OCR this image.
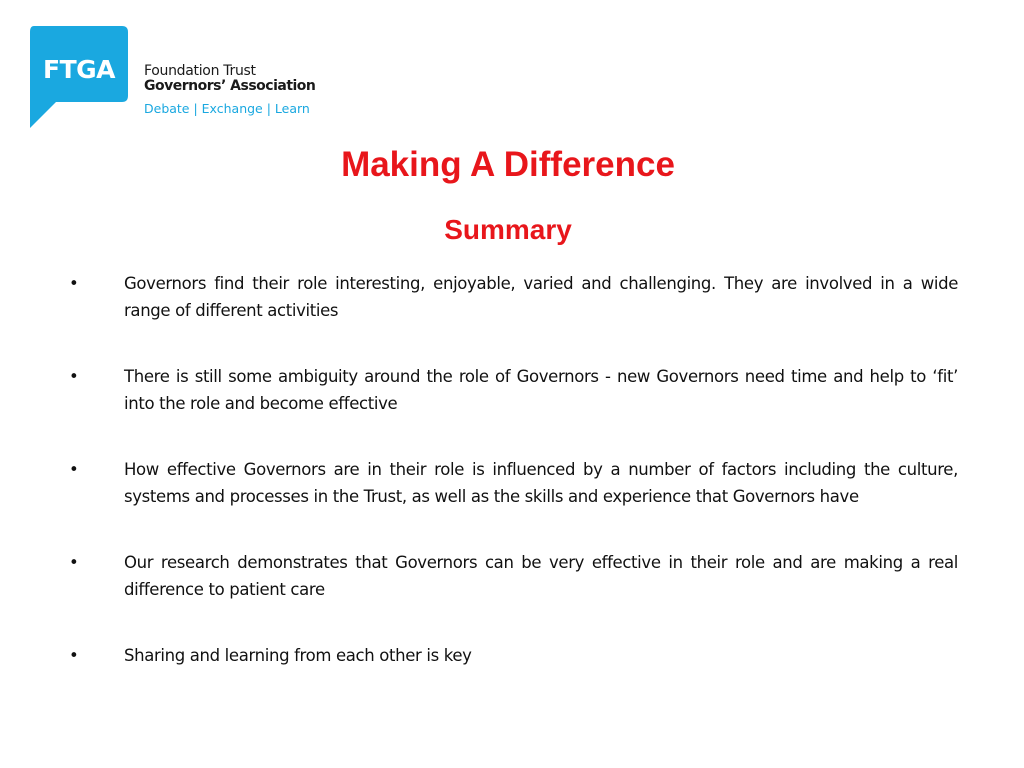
FTGA Foundation Trust
Governors’ Association
Debate | Exchange | Learn
Making A Difference
Summary
•	Governors find their role interesting, enjoyable, varied and challenging. They are involved in a wide range of different activities
•	There is still some ambiguity around the role of Governors - new Governors need time and help to ‘fit’ into the role and become effective
•	How effective Governors are in their role is influenced by a number of factors including the culture, systems and processes in the Trust, as well as the skills and experience that Governors have
•	Our research demonstrates that Governors can be very effective in their role and are making a real difference to patient care
•	Sharing and learning from each other is key
